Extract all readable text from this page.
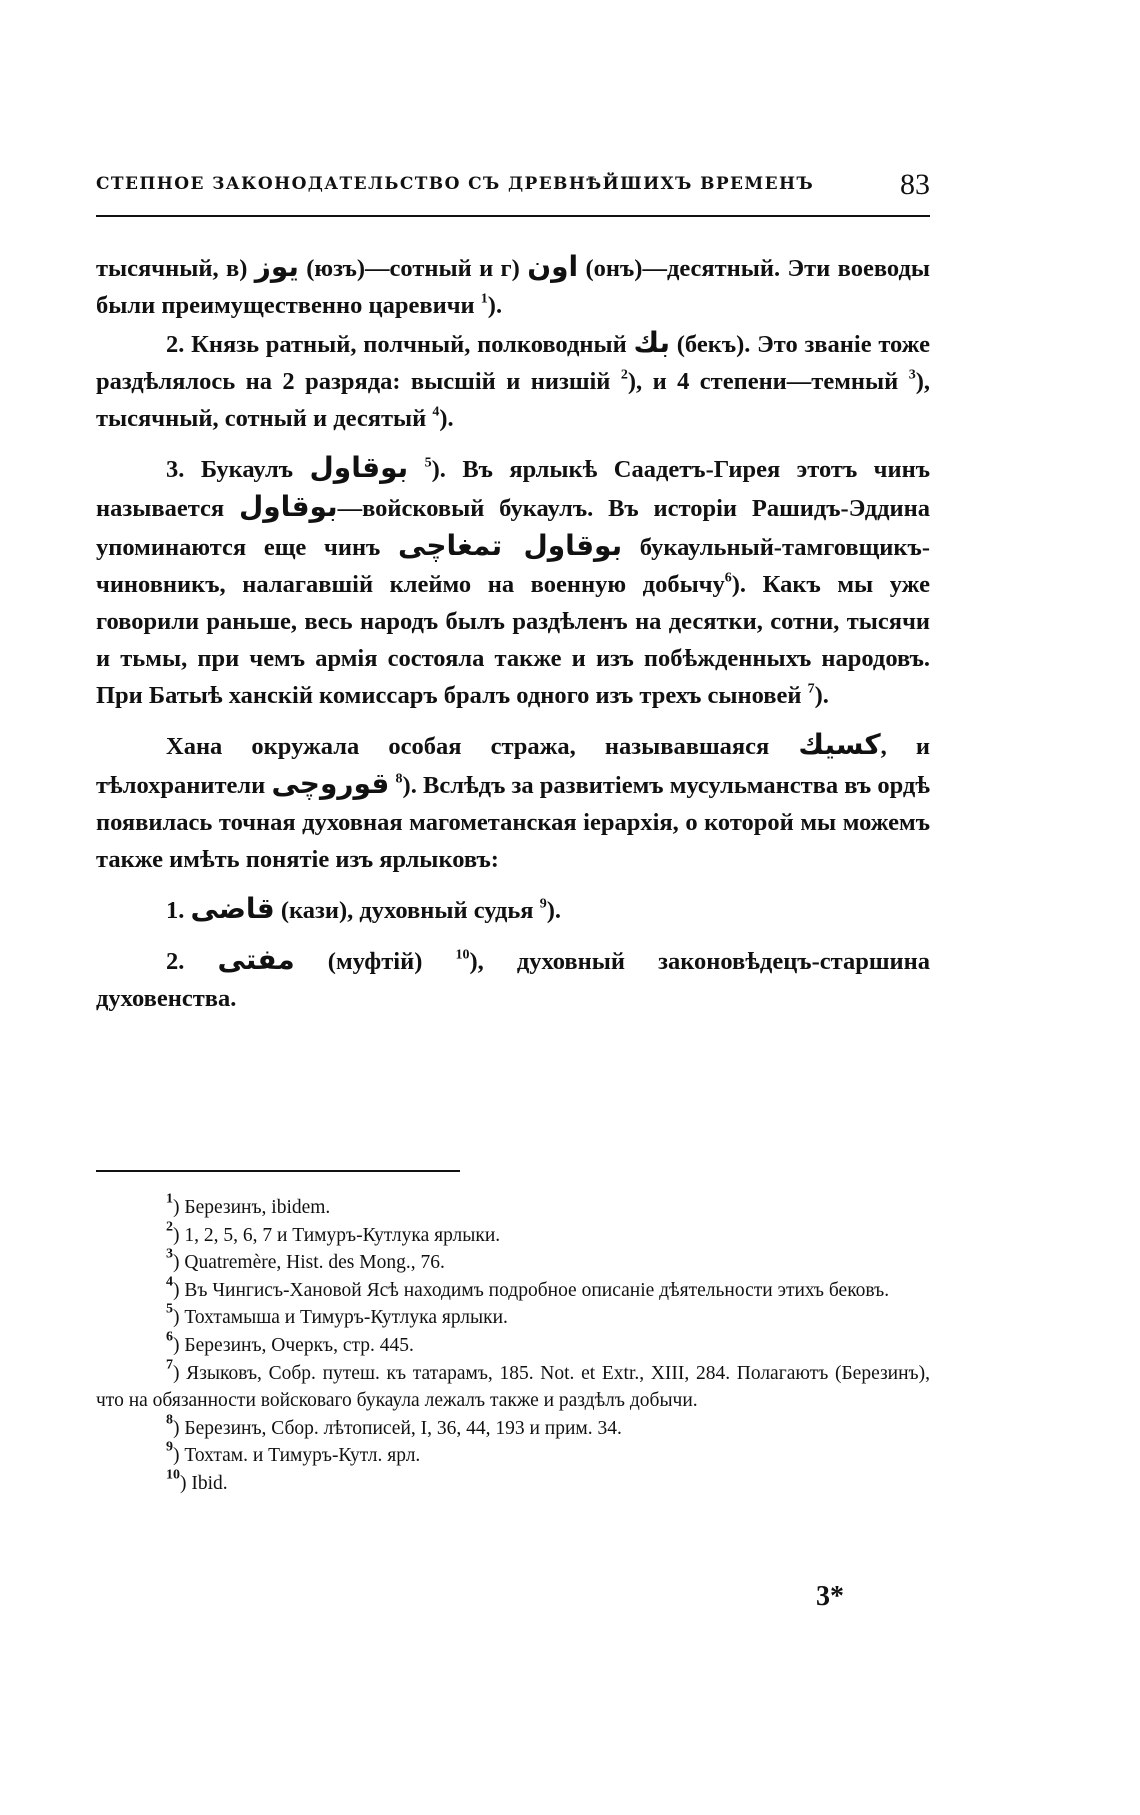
СТЕПНОЕ ЗАКОНОДАТЕЛЬСТВО СЪ ДРЕВНѢЙШИХЪ ВРЕМЕНЪ	83

тысячный, в) یوز (юзъ)—сотный и г) اون (онъ)—десятный. Эти воеводы были преимущественно царевичи $^1$).

2. Князь ратный, полчный, полководный بك (бекъ). Это званіе тоже раздѣлялось на 2 разряда: высшій и низшій $^2$), и 4 степени—темный $^3$), тысячный, сотный и десятый $^4$).

3. Букаулъ بوقاول $^5$). Въ ярлыкѣ Саадетъ-Гирея этотъ чинъ называется بوقاول—войсковый букаулъ. Въ исторіи Рашидъ-Эддина упоминаются еще чинъ بوقاول تمغاچی букаульный-тамговщикъ-чиновникъ, налагавшій клеймо на военную добычу$^6$). Какъ мы уже говорили раньше, весь народъ былъ раздѣленъ на десятки, сотни, тысячи и тьмы, при чемъ армія состояла также и изъ побѣжденныхъ народовъ. При Батыѣ ханскій комиссаръ бралъ одного изъ трехъ сыновей $^7$).

Хана окружала особая стража, называвшаяся کسیك, и тѣлохранители قوروچی $^8$). Вслѣдъ за развитіемъ мусульманства въ ордѣ появилась точная духовная магометанская іерархія, о которой мы можемъ также имѣть понятіе изъ ярлыковъ:

1. قاضی (кази), духовный судья $^9$).

2. مفتی (муфтій) $^{10}$), духовный законовѣдецъ-старшина духовенства.

$^1$) Березинъ, ibidem.

$^2$) 1, 2, 5, 6, 7 и Тимуръ-Кутлука ярлыки.

$^3$) Quatremère, Hist. des Mong., 76.

$^4$) Въ Чингисъ-Хановой Ясѣ находимъ подробное описаніе дѣятельности этихъ бековъ.

$^5$) Тохтамыша и Тимуръ-Кутлука ярлыки.

$^6$) Березинъ, Очеркъ, стр. 445.

$^7$) Языковъ, Собр. путеш. къ татарамъ, 185. Not. et Extr., XIII, 284. Полагаютъ (Березинъ), что на обязанности войсковаго букаула лежалъ также и раздѣлъ добычи.

$^8$) Березинъ, Сбор. лѣтописей, I, 36, 44, 193 и прим. 34.

$^9$) Тохтам. и Тимуръ-Кутл. ярл.

$^{10}$) Ibid.

3*
